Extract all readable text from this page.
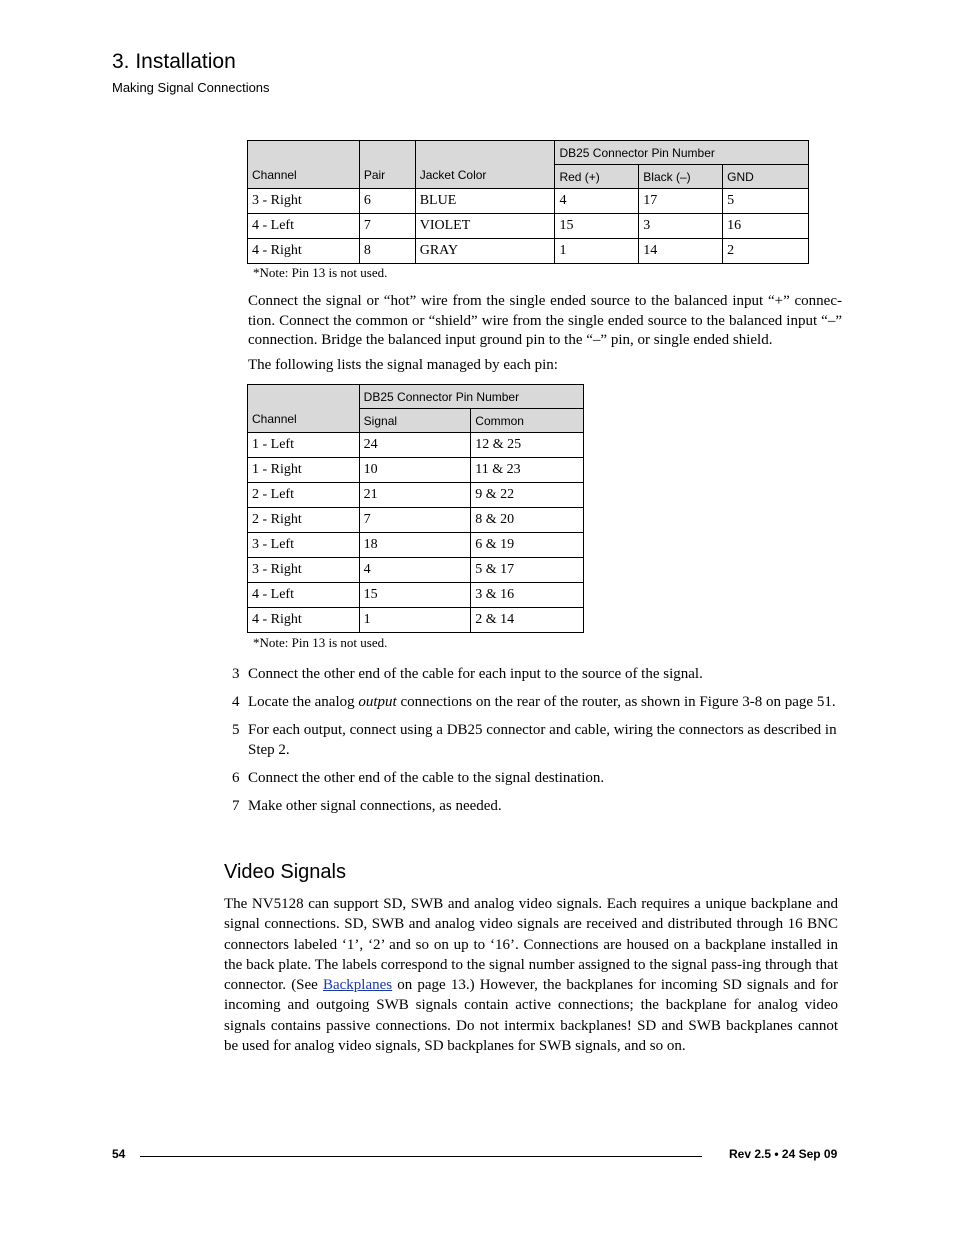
3. Installation
Making Signal Connections
Channel	Pair	Jacket Color	DB25 Connector Pin Number		
			Red (+)	Black (–)	GND
3 - Right	6	BLUE	4	17	5
4 - Left	7	VIOLET	15	3	16
4 - Right	8	GRAY	1	14	2
*Note: Pin 13 is not used.

Connect the signal or “hot” wire from the single ended source to the balanced input “+” connec-tion. Connect the common or “shield” wire from the single ended source to the balanced input “–” connection. Bridge the balanced input ground pin to the “–” pin, or single ended shield.

The following lists the signal managed by each pin:

Channel	DB25 Connector Pin Number	
	Signal	Common
1 - Left	24	12 & 25
1 - Right	10	11 & 23
2 - Left	21	9 & 22
2 - Right	7	8 & 20
3 - Left	18	6 & 19
3 - Right	4	5 & 17
4 - Left	15	3 & 16
4 - Right	1	2 & 14
*Note: Pin 13 is not used.
3 Connect the other end of the cable for each input to the source of the signal.
4 Locate the analog output connections on the rear of the router, as shown in Figure 3-8 on page 51.
5 For each output, connect using a DB25 connector and cable, wiring the connectors as described in Step 2.
6 Connect the other end of the cable to the signal destination.
7 Make other signal connections, as needed.
Video Signals

The NV5128 can support SD, SWB and analog video signals. Each requires a unique backplane and signal connections. SD, SWB and analog video signals are received and distributed through 16 BNC connectors labeled ‘1’, ‘2’ and so on up to ‘16’. Connections are housed on a backplane installed in the back plate. The labels correspond to the signal number assigned to the signal pass-ing through that connector. (See Backplanes on page 13.) However, the backplanes for incoming SD signals and for incoming and outgoing SWB signals contain active connections; the backplane for analog video signals contains passive connections. Do not intermix backplanes! SD and SWB backplanes cannot be used for analog video signals, SD backplanes for SWB signals, and so on.

54	Rev 2.5 • 24 Sep 09
